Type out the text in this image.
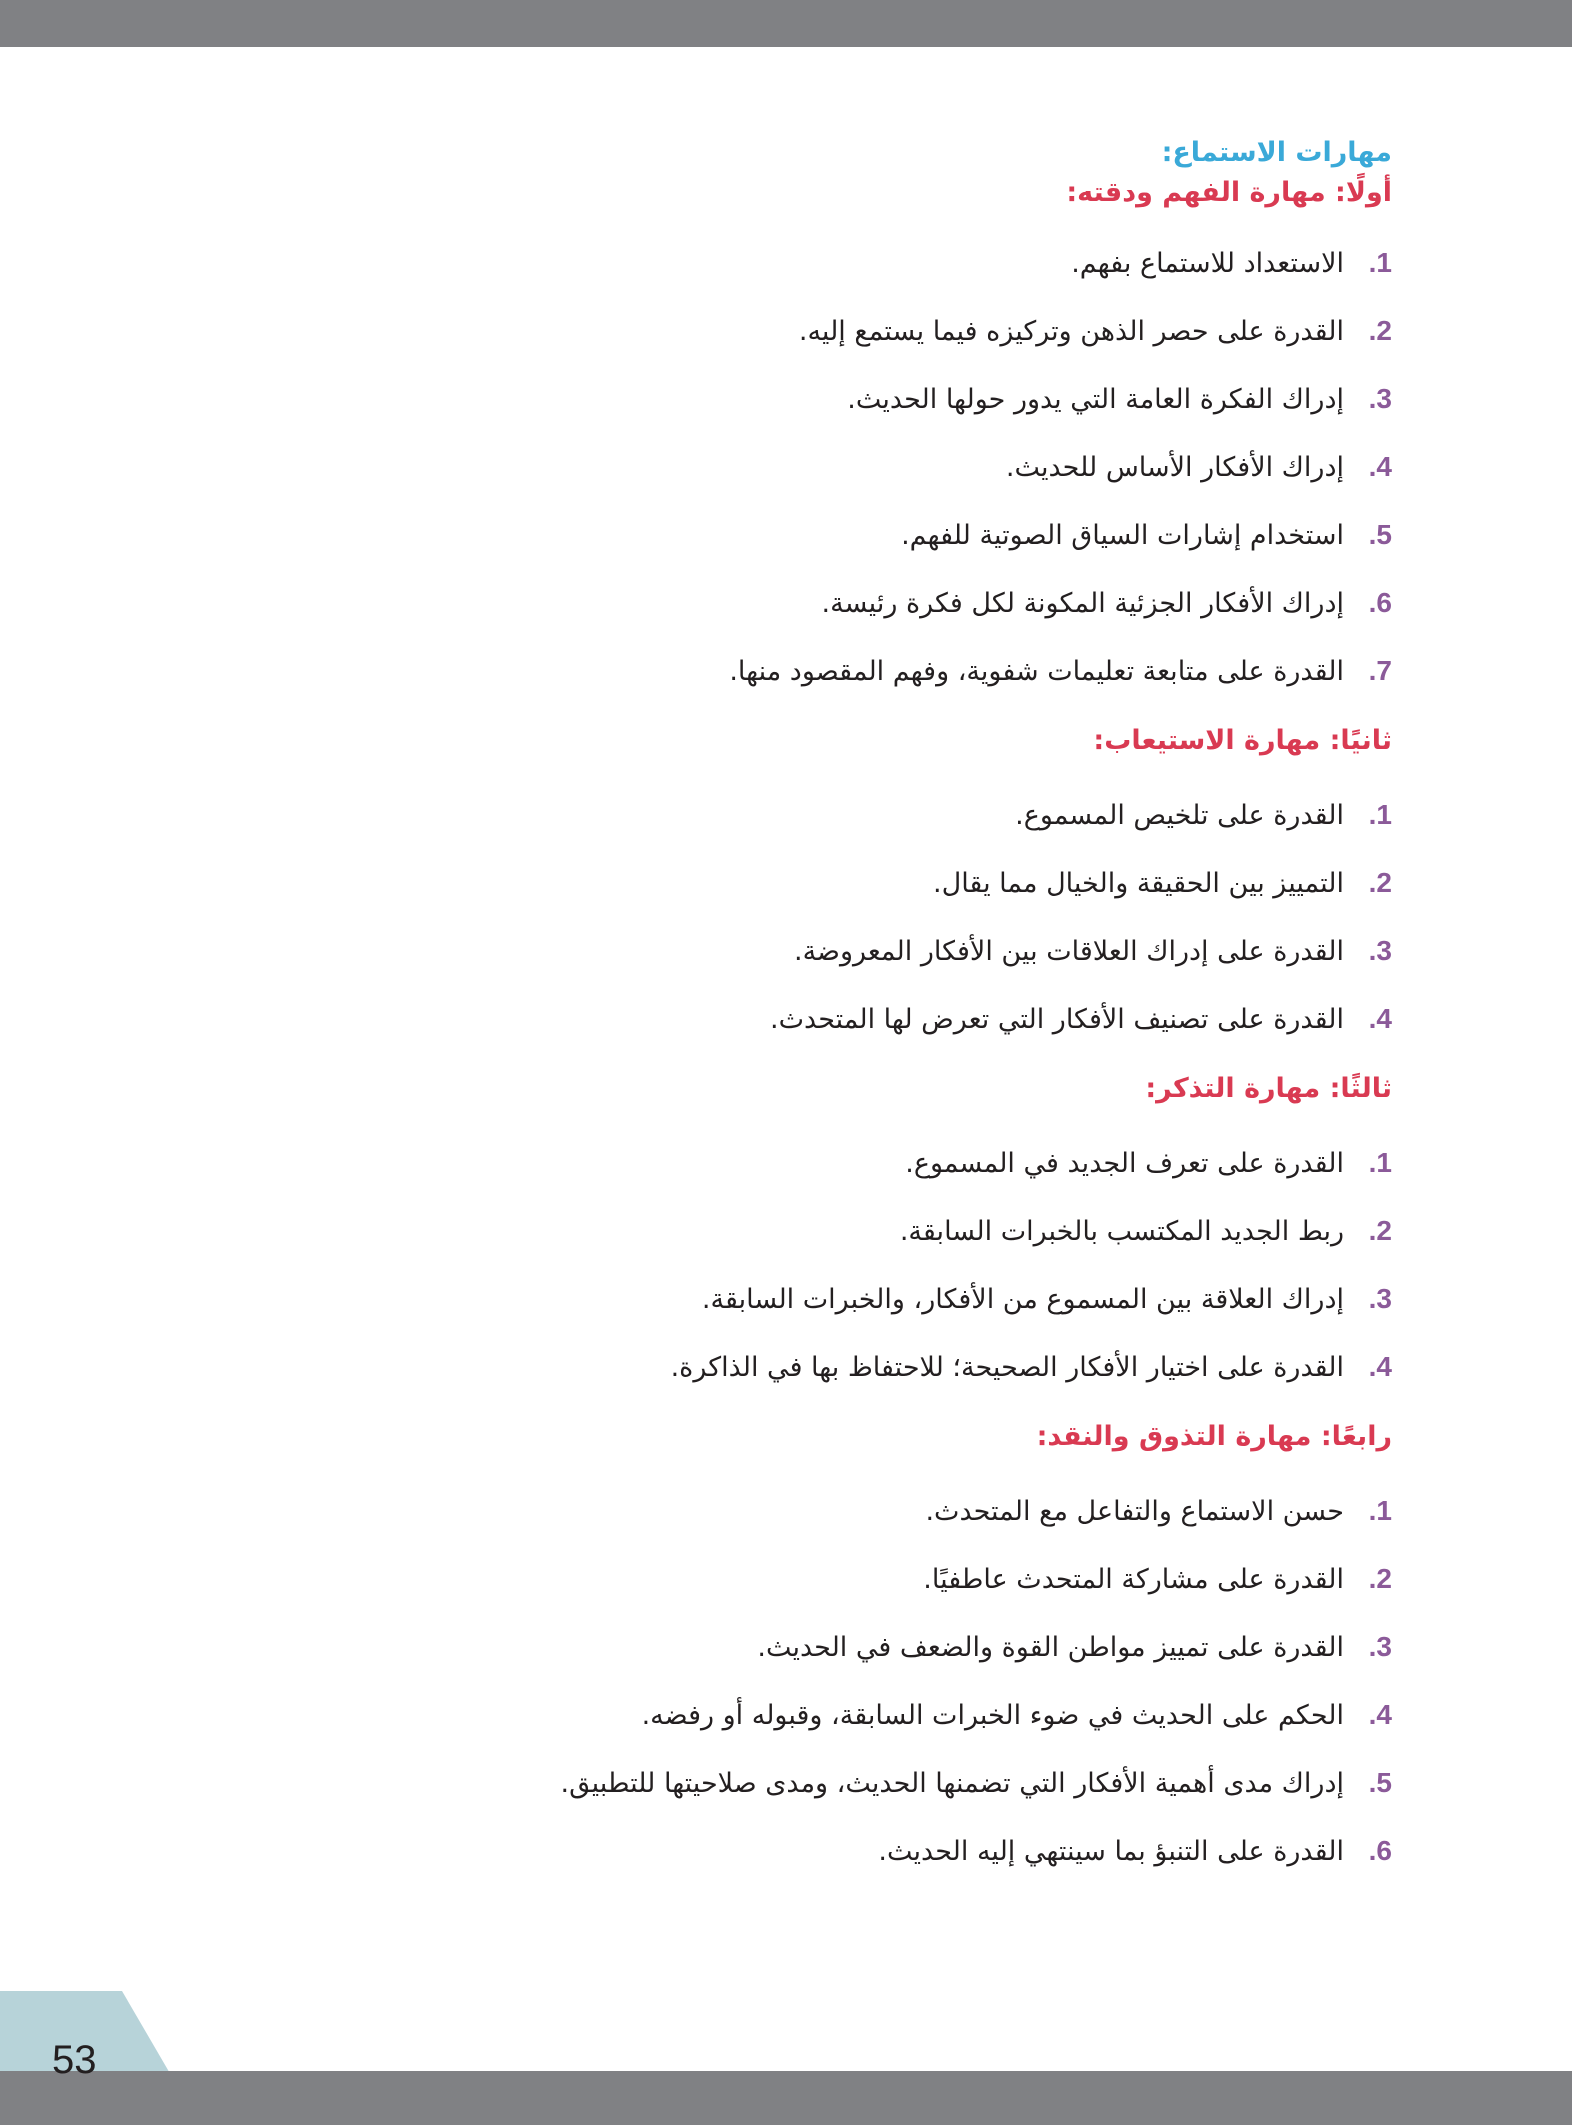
مهارات الاستماع:
أولًا: مهارة الفهم ودقته:
1.
الاستعداد للاستماع بفهم.
2.
القدرة على حصر الذهن وتركيزه فيما يستمع إليه.
3.
إدراك الفكرة العامة التي يدور حولها الحديث.
4.
إدراك الأفكار الأساس للحديث.
5.
استخدام إشارات السياق الصوتية للفهم.
6.
إدراك الأفكار الجزئية المكونة لكل فكرة رئيسة.
7.
القدرة على متابعة تعليمات شفوية، وفهم المقصود منها.
ثانيًا: مهارة الاستيعاب:
1.
القدرة على تلخيص المسموع.
2.
التمييز بين الحقيقة والخيال مما يقال.
3.
القدرة على إدراك العلاقات بين الأفكار المعروضة.
4.
القدرة على تصنيف الأفكار التي تعرض لها المتحدث.
ثالثًا: مهارة التذكر:
1.
القدرة على تعرف الجديد في المسموع.
2.
ربط الجديد المكتسب بالخبرات السابقة.
3.
إدراك العلاقة بين المسموع من الأفكار، والخبرات السابقة.
4.
القدرة على اختيار الأفكار الصحيحة؛ للاحتفاظ بها في الذاكرة.
رابعًا: مهارة التذوق والنقد:
1.
حسن الاستماع والتفاعل مع المتحدث.
2.
القدرة على مشاركة المتحدث عاطفيًا.
3.
القدرة على تمييز مواطن القوة والضعف في الحديث.
4.
الحكم على الحديث في ضوء الخبرات السابقة، وقبوله أو رفضه.
5.
إدراك مدى أهمية الأفكار التي تضمنها الحديث، ومدى صلاحيتها للتطبيق.
6.
القدرة على التنبؤ بما سينتهي إليه الحديث.
53
